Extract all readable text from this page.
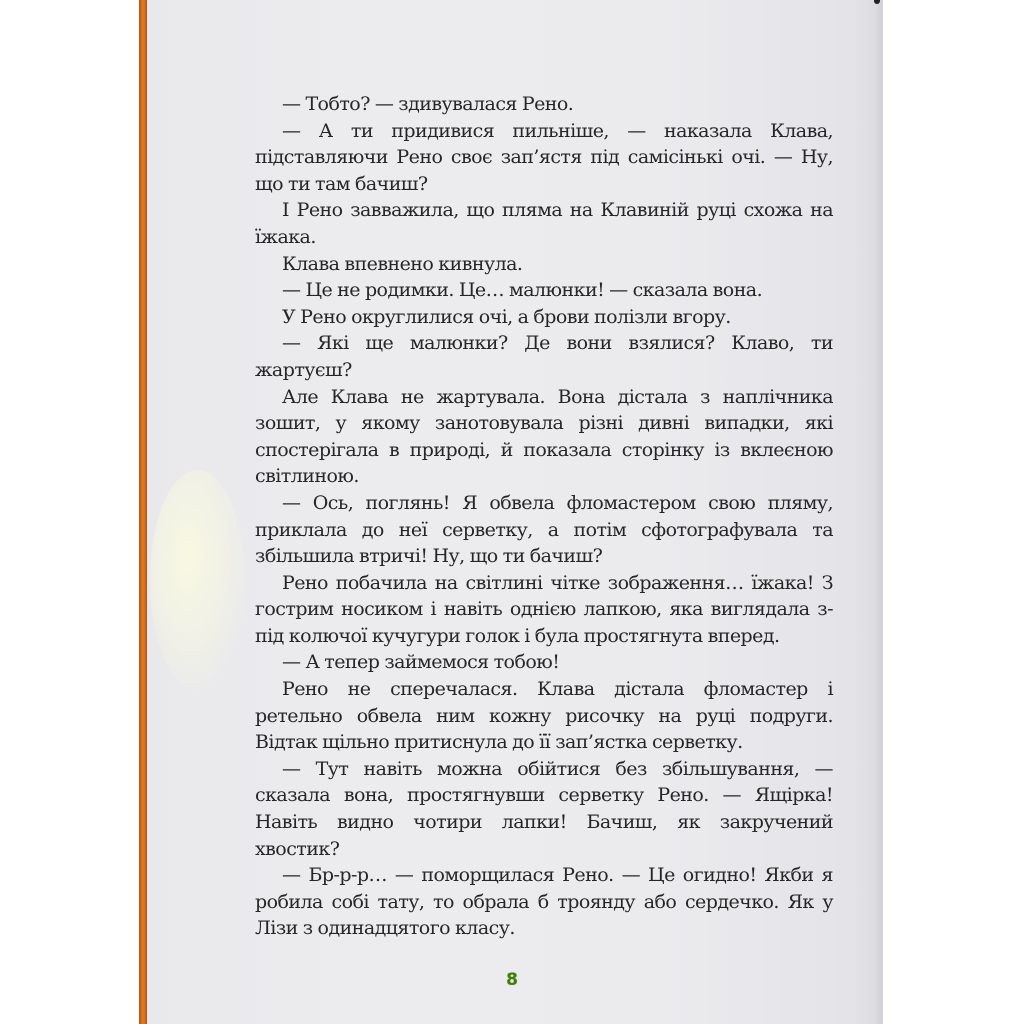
— Тобто? — здивувалася Рено.

— А ти придивися пильніше, — наказала Клава, підставляючи Рено своє зап’ястя під самісінькі очі. — Ну, що ти там бачиш?

І Рено завважила, що пляма на Клавиній руці схожа на їжака.

Клава впевнено кивнула.

— Це не родимки. Це… малюнки! — сказала вона.

У Рено округлилися очі, а брови полізли вгору.

— Які ще малюнки? Де вони взялися? Клаво, ти жартуєш?

Але Клава не жартувала. Вона дістала з наплічника зошит, у якому занотовувала різні дивні випадки, які спостерігала в природі, й показала сторінку із вклеєною світлиною.

— Ось, поглянь! Я обвела фломастером свою пляму, приклала до неї серветку, а потім сфотографувала та збільшила втричі! Ну, що ти бачиш?

Рено побачила на світлині чітке зображення… їжака! З гострим носиком і навіть однією лапкою, яка виглядала з-під колючої кучугури голок і була простягнута вперед.

— А тепер займемося тобою!

Рено не сперечалася. Клава дістала фломастер і ретельно обвела ним кожну рисочку на руці подруги. Відтак щільно притиснула до її зап’ястка серветку.

— Тут навіть можна обійтися без збільшування, — сказала вона, простягнувши серветку Рено. — Ящірка! Навіть видно чотири лапки! Бачиш, як закручений хвостик?

— Бр-р-р… — поморщилася Рено. — Це огидно! Якби я робила собі тату, то обрала б троянду або сердечко. Як у Лізи з одинадцятого класу.

8
